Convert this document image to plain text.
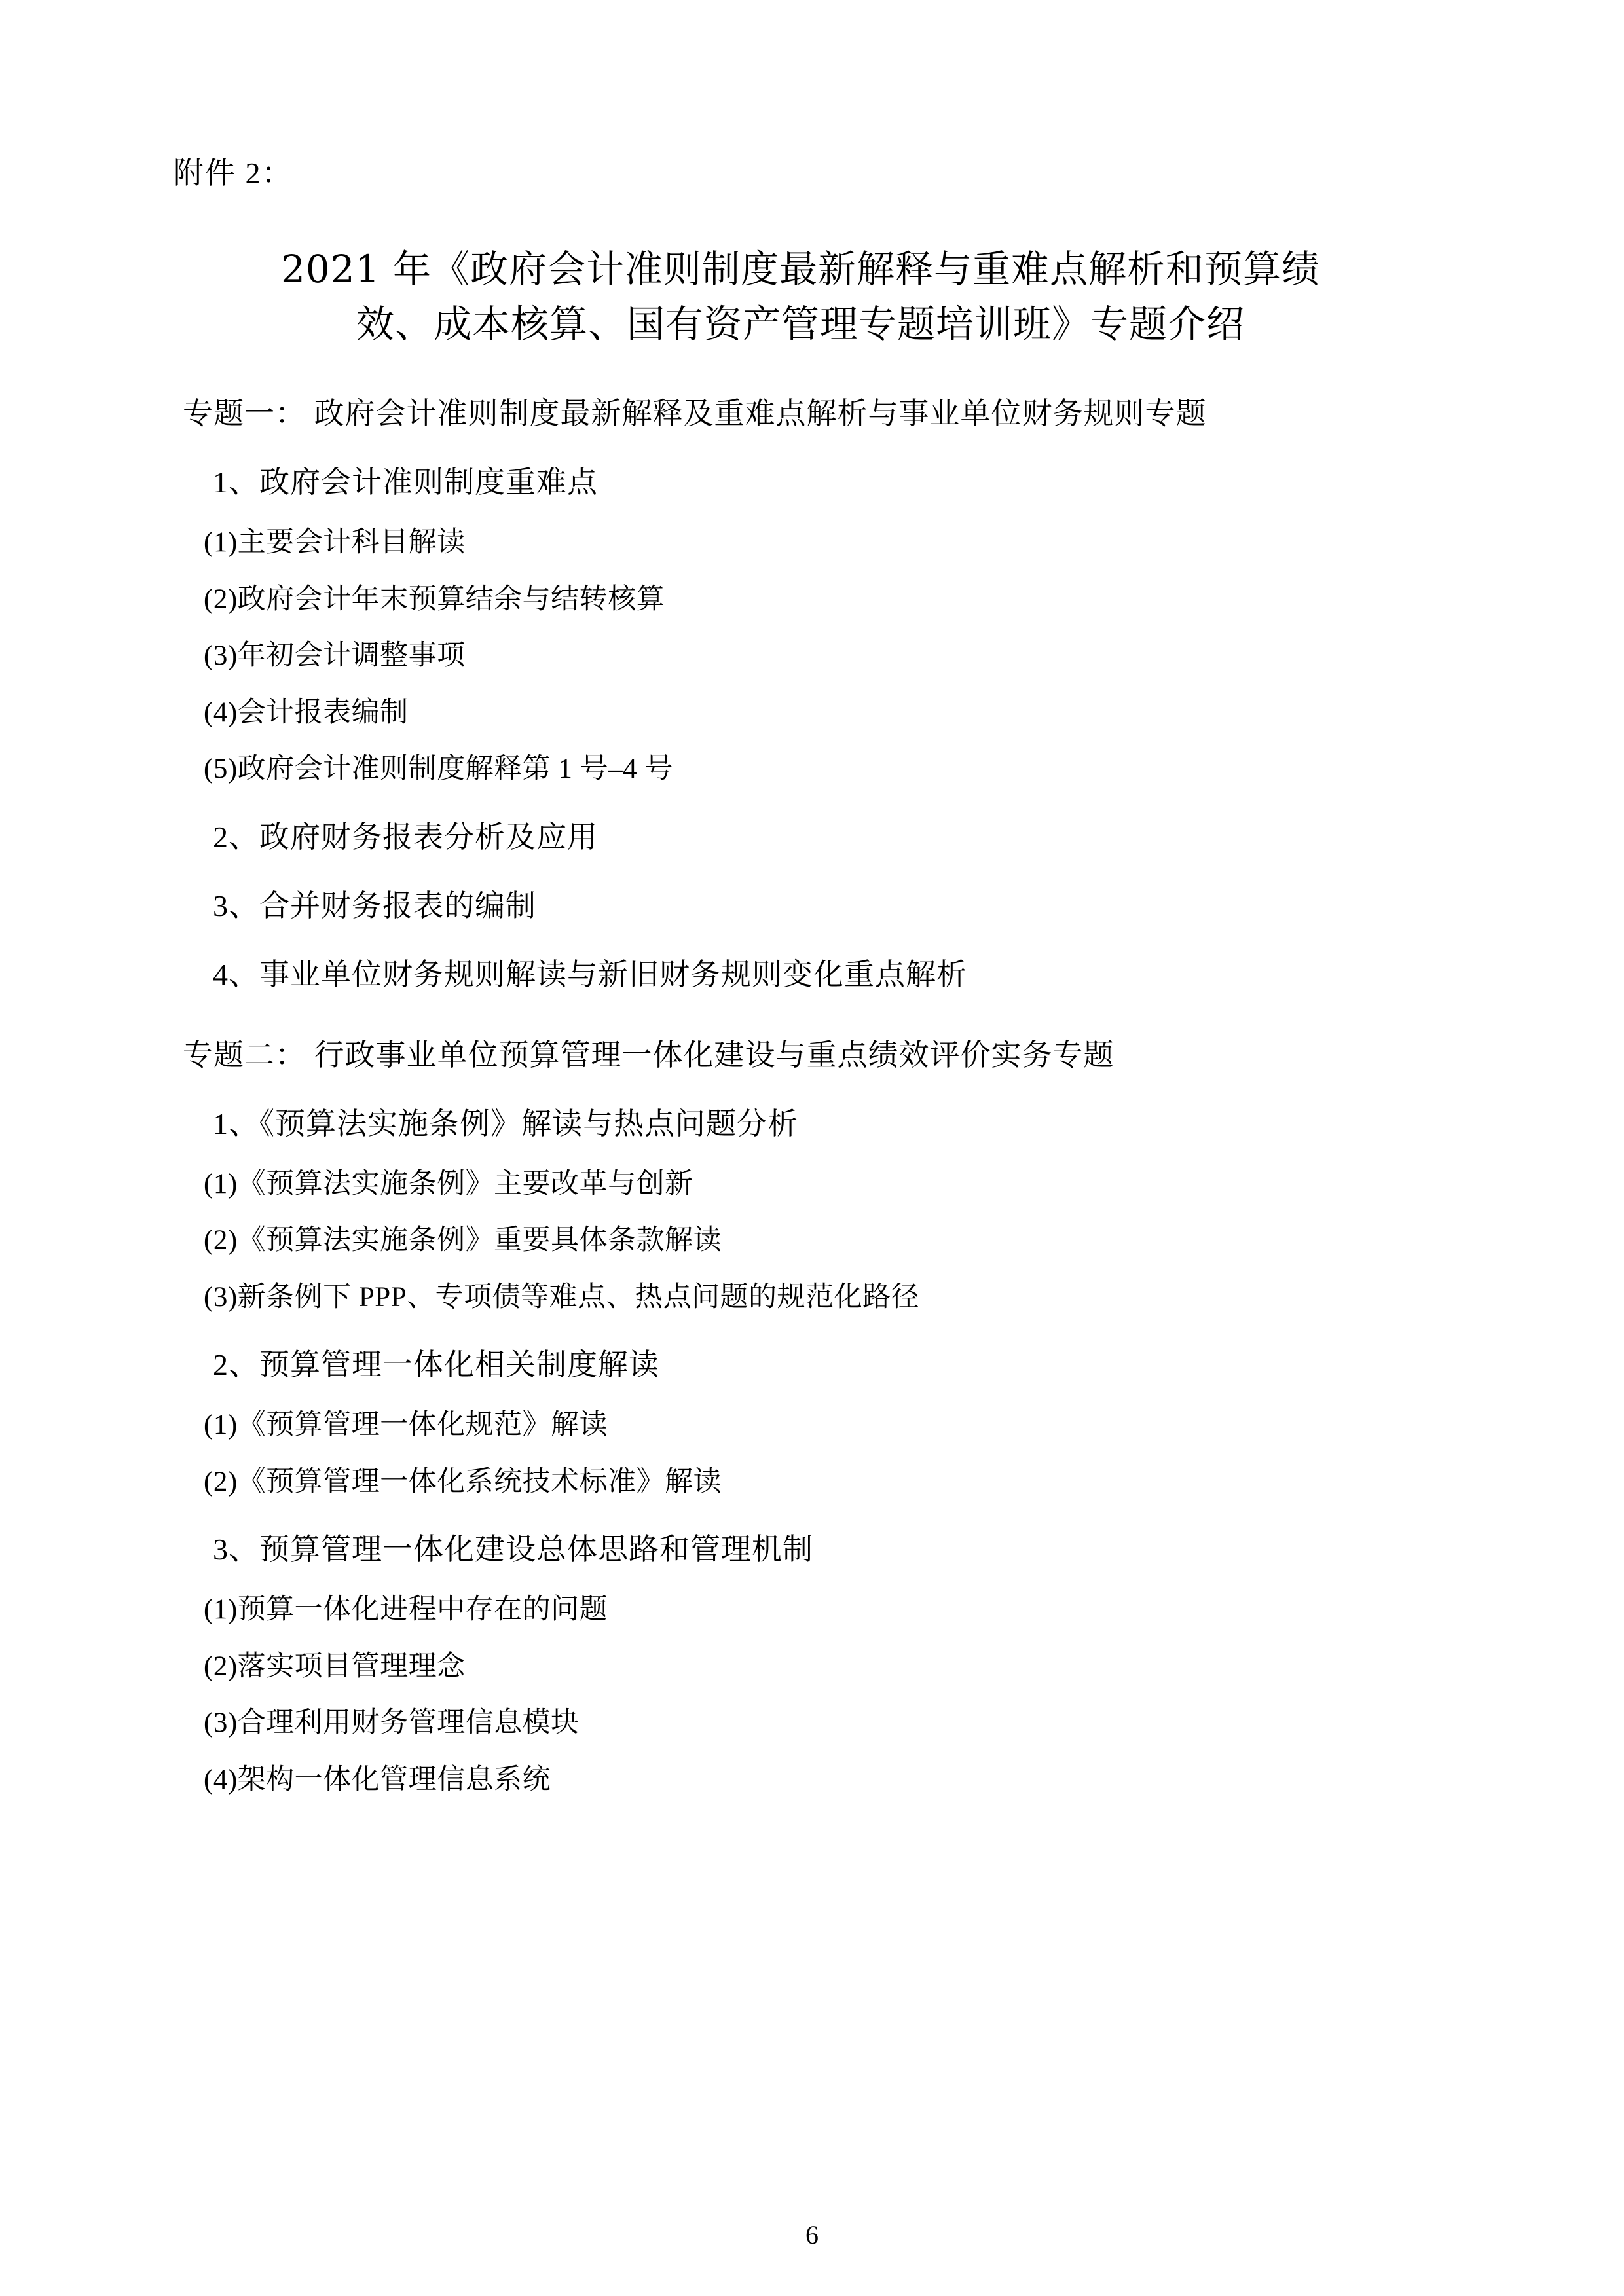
附件 2：
2021 年《政府会计准则制度最新解释与重难点解析和预算绩
效、成本核算、国有资产管理专题培训班》专题介绍
专题一： 政府会计准则制度最新解释及重难点解析与事业单位财务规则专题
1、政府会计准则制度重难点
(1)主要会计科目解读
(2)政府会计年末预算结余与结转核算
(3)年初会计调整事项
(4)会计报表编制
(5)政府会计准则制度解释第 1 号–4 号
2、政府财务报表分析及应用
3、合并财务报表的编制
4、事业单位财务规则解读与新旧财务规则变化重点解析
专题二： 行政事业单位预算管理一体化建设与重点绩效评价实务专题
1、《预算法实施条例》解读与热点问题分析
(1)《预算法实施条例》主要改革与创新
(2)《预算法实施条例》重要具体条款解读
(3)新条例下 PPP、专项债等难点、热点问题的规范化路径
2、预算管理一体化相关制度解读
(1)《预算管理一体化规范》解读
(2)《预算管理一体化系统技术标准》解读
3、预算管理一体化建设总体思路和管理机制
(1)预算一体化进程中存在的问题
(2)落实项目管理理念
(3)合理利用财务管理信息模块
(4)架构一体化管理信息系统
6
